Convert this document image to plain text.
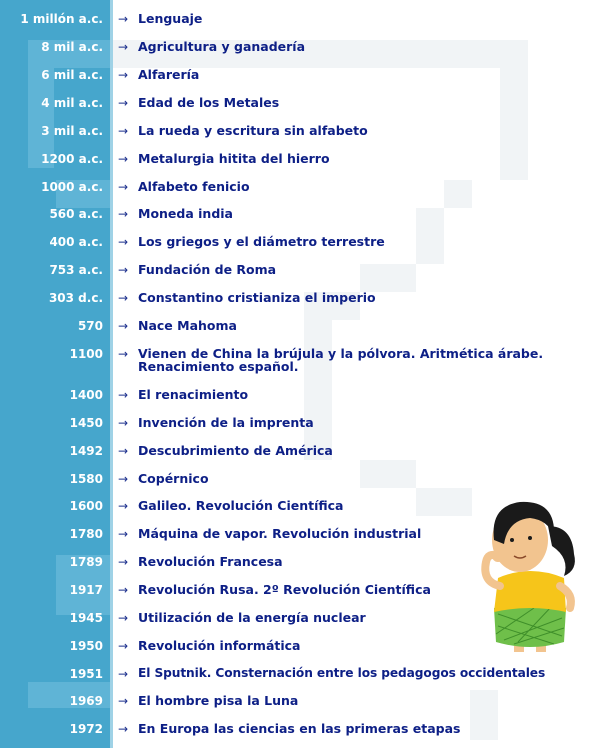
1 millón a.c. → Lenguaje
8 mil a.c. → Agricultura y ganadería
6 mil a.c. → Alfarería
4 mil a.c. → Edad de los Metales
3 mil a.c. → La rueda y escritura sin alfabeto
1200 a.c. → Metalurgia hitita del hierro
1000 a.c. → Alfabeto fenicio
560 a.c. → Moneda india
400 a.c. → Los griegos y el diámetro terrestre
753 a.c. → Fundación de Roma
303 d.c. → Constantino cristianiza el imperio
570 → Nace Mahoma
1100 → Vienen de China la brújula y la pólvora. Aritmética árabe.
Renacimiento español.
1400 → El renacimiento
1450 → Invención de la imprenta
1492 → Descubrimiento de América
1580 → Copérnico
1600 → Galileo. Revolución Científica
1780 → Máquina de vapor. Revolución industrial
1789 → Revolución Francesa
1917 → Revolución Rusa. 2º Revolución Científica
1945 → Utilización de la energía nuclear
1950 → Revolución informática
1951 → El Sputnik. Consternación entre los pedagogos occidentales
1969 → El hombre pisa la Luna
1972 → En Europa las ciencias en las primeras etapas
